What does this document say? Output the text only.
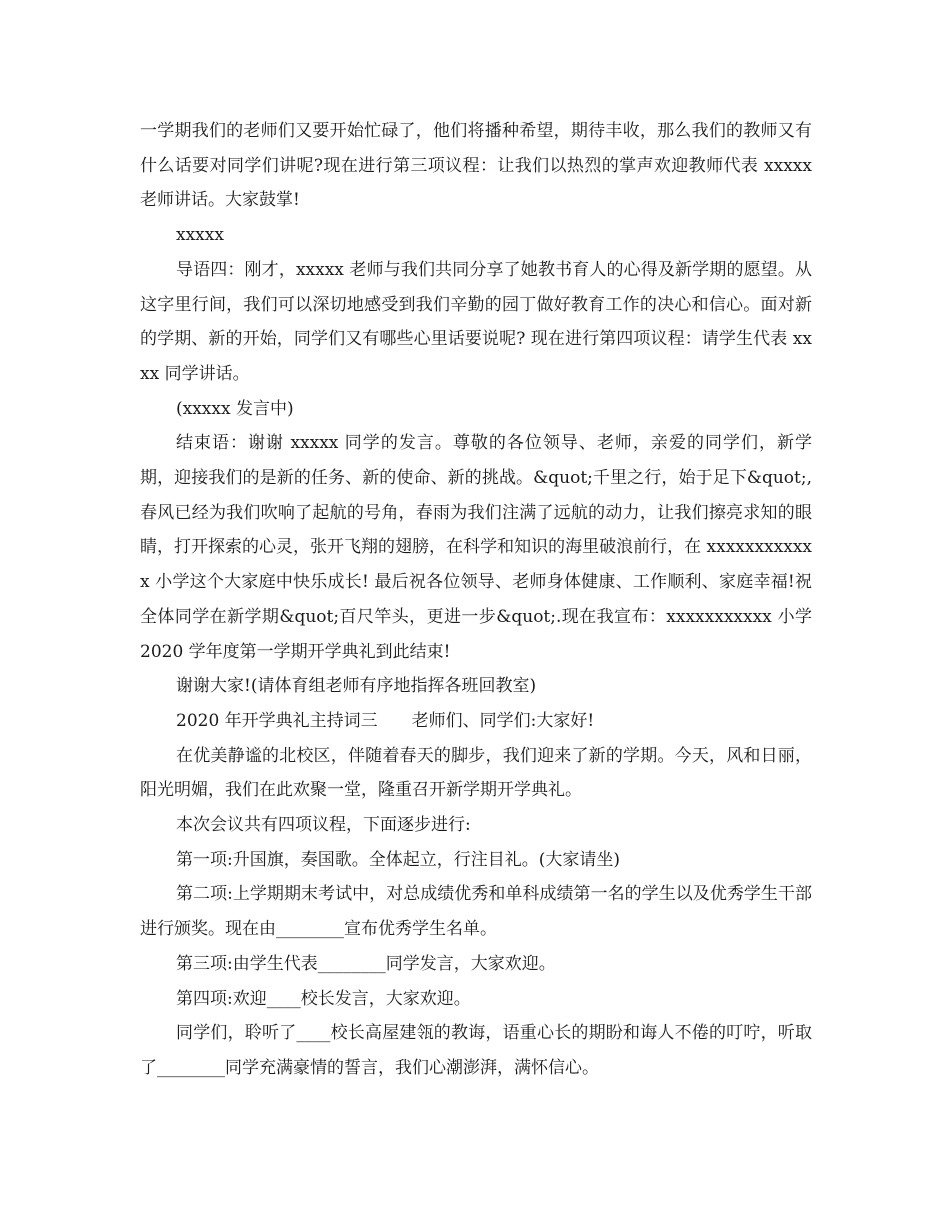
一学期我们的老师们又要开始忙碌了，他们将播种希望，期待丰收，那么我们的教师又有什么话要对同学们讲呢?现在进行第三项议程：让我们以热烈的掌声欢迎教师代表 xxxxx 老师讲话。大家鼓掌!

xxxxx

导语四：刚才，xxxxx 老师与我们共同分享了她教书育人的心得及新学期的愿望。从这字里行间，我们可以深切地感受到我们辛勤的园丁做好教育工作的决心和信心。面对新的学期、新的开始，同学们又有哪些心里话要说呢? 现在进行第四项议程：请学生代表 xxxx 同学讲话。

(xxxxx 发言中)

结束语：谢谢 xxxxx 同学的发言。尊敬的各位领导、老师，亲爱的同学们，新学期，迎接我们的是新的任务、新的使命、新的挑战。&quot;千里之行，始于足下&quot;,春风已经为我们吹响了起航的号角，春雨为我们注满了远航的动力，让我们擦亮求知的眼睛，打开探索的心灵，张开飞翔的翅膀，在科学和知识的海里破浪前行，在 xxxxxxxxxxxx 小学这个大家庭中快乐成长! 最后祝各位领导、老师身体健康、工作顺利、家庭幸福!祝全体同学在新学期&quot;百尺竿头，更进一步&quot;.现在我宣布：xxxxxxxxxxx 小学 2020 学年度第一学期开学典礼到此结束!

谢谢大家!(请体育组老师有序地指挥各班回教室)

2020 年开学典礼主持词三　　老师们、同学们:大家好!

在优美静谧的北校区，伴随着春天的脚步，我们迎来了新的学期。今天，风和日丽，阳光明媚，我们在此欢聚一堂，隆重召开新学期开学典礼。

本次会议共有四项议程，下面逐步进行:

第一项:升国旗，奏国歌。全体起立，行注目礼。(大家请坐)

第二项:上学期期末考试中，对总成绩优秀和单科成绩第一名的学生以及优秀学生干部进行颁奖。现在由________宣布优秀学生名单。

第三项:由学生代表________同学发言，大家欢迎。

第四项:欢迎____校长发言，大家欢迎。

同学们，聆听了____校长高屋建瓴的教诲，语重心长的期盼和诲人不倦的叮咛，听取了________同学充满豪情的誓言，我们心潮澎湃，满怀信心。
